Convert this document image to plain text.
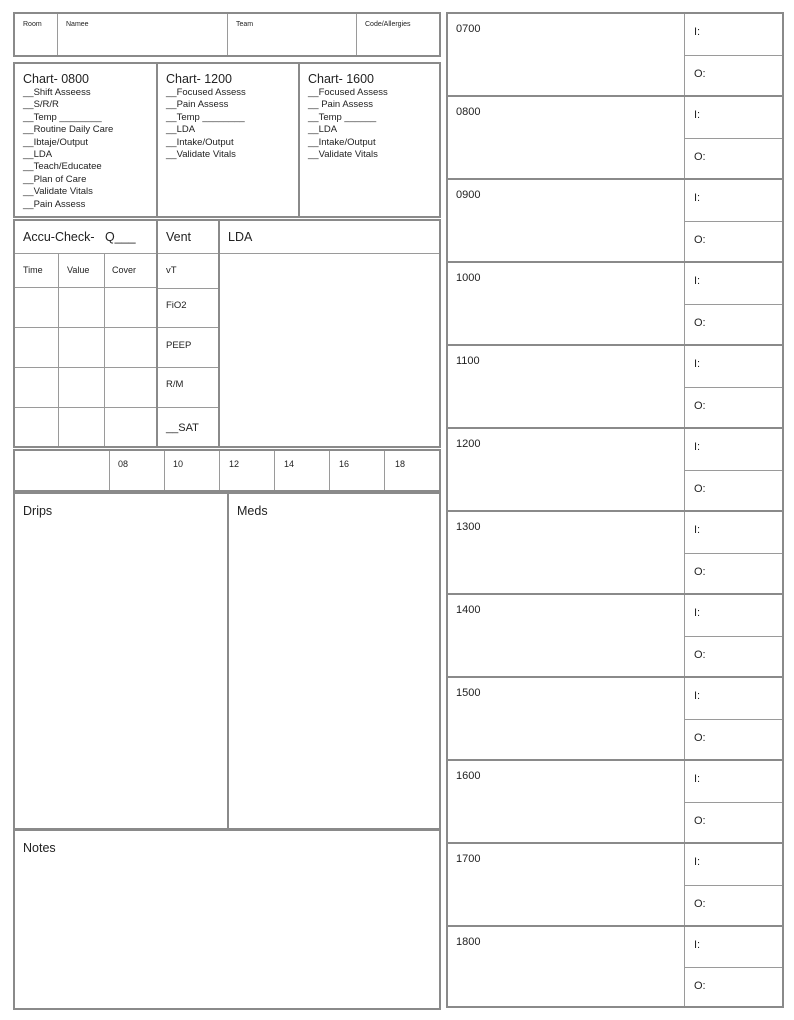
Room	Namee	Team	Code/Allergies
Chart- 0800
__Shift Asseess
__S/R/R
__Temp ________
__Routine Daily Care
__Ibtaje/Output
__LDA
__Teach/Educatee
__Plan of Care
__Validate Vitals
__Pain Assess
Chart- 1200
__Focused Assess
__Pain Assess
__Temp ________
__LDA
__Intake/Output
__Validate Vitals
Chart- 1600
__Focused Assess
__ Pain Assess
__Temp ______
__LDA
__Intake/Output
__Validate Vitals
Accu-Check-   Q___
Time	Value	Cover
Vent
vT
FiO2
PEEP
R/M
__SAT
LDA
08	10	12	14	16	18
Drips	Meds
Notes
0700	I:
O:
0800	I:
O:
0900	I:
O:
1000	I:
O:
1100	I:
O:
1200	I:
O:
1300	I:
O:
1400	I:
O:
1500	I:
O:
1600	I:
O:
1700	I:
O:
1800	I:
O:
